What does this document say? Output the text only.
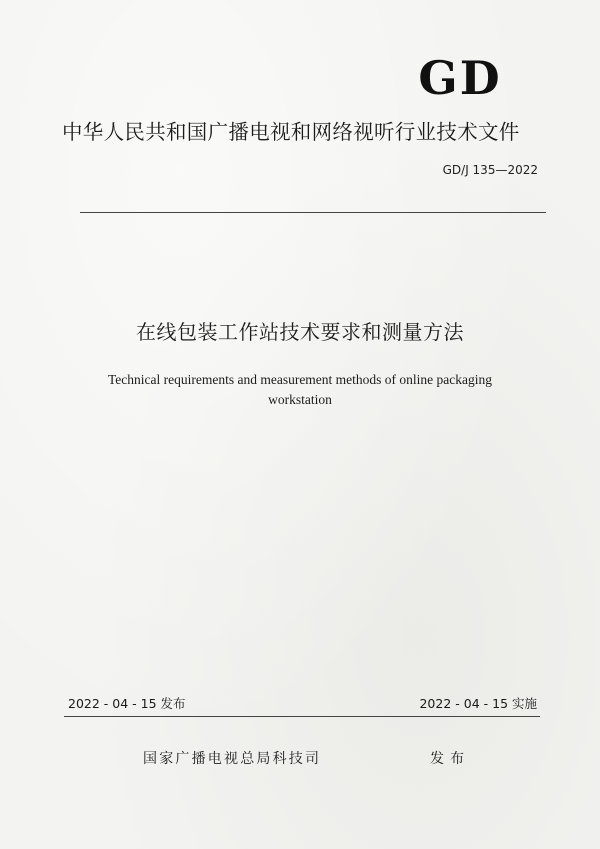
GD
中华人民共和国广播电视和网络视听行业技术文件
GD/J 135—2022
在线包装工作站技术要求和测量方法
Technical requirements and measurement methods of online packaging
workstation
2022 - 04 - 15 发布	2022 - 04 - 15 实施
国家广播电视总局科技司	发布
